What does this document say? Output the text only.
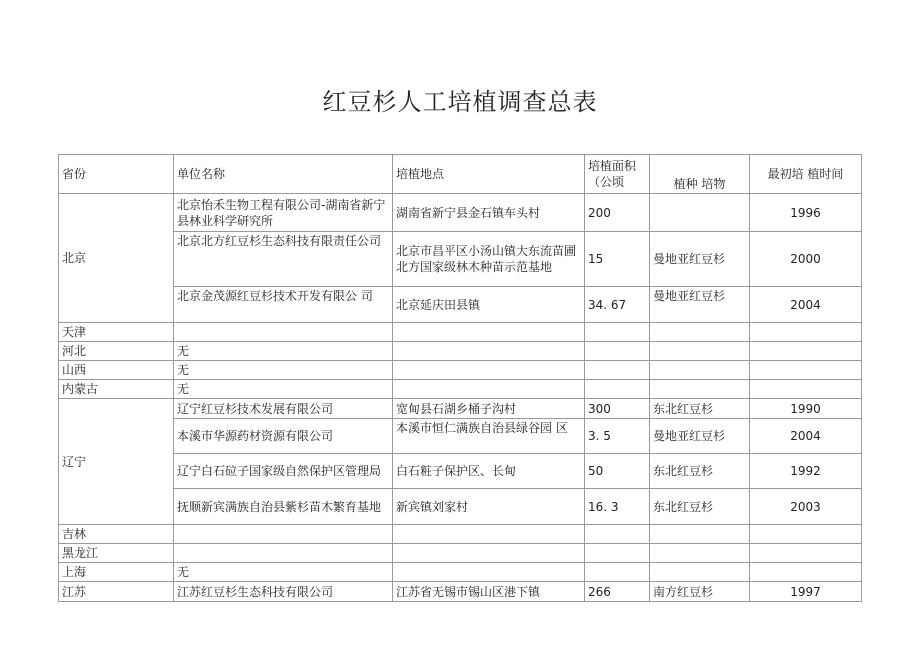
红豆杉人工培植调查总表
省份	单位名称	培植地点	培植面积（公顷	植种 培物	最初培 植时间
北京	北京怡禾生物工程有限公司-湖南省新宁县林业科学研究所	湖南省新宁县金石镇车头村	200		1996
	北京北方红豆杉生态科技有限责任公司	北京市昌平区小汤山镇大东流苗圃北方国家级林木种苗示范基地	15	曼地亚红豆杉	2000
	北京金茂源红豆杉技术开发有限公 司	北京延庆田县镇	34. 67	曼地亚红豆杉	2004
天津					
河北	无				
山西	无				
内蒙古	无				
辽宁	辽宁红豆杉技术发展有限公司	宽甸县石湖乡桶子沟村	300	东北红豆杉	1990
	本溪市华源药材资源有限公司	本溪市恒仁满族自治县绿谷园 区	3. 5	曼地亚红豆杉	2004
	辽宁白石砬子国家级自然保护区管理局	白石粧子保护区、长甸	50	东北红豆杉	1992
	抚顺新宾满族自治县紫杉苗木繁育基地	新宾镇刘家村	16. 3	东北红豆杉	2003
吉林					
黑龙江					
上海	无				
江苏	江苏红豆杉生态科技有限公司	江苏省无锡市锡山区港下镇	266	南方红豆杉	1997
